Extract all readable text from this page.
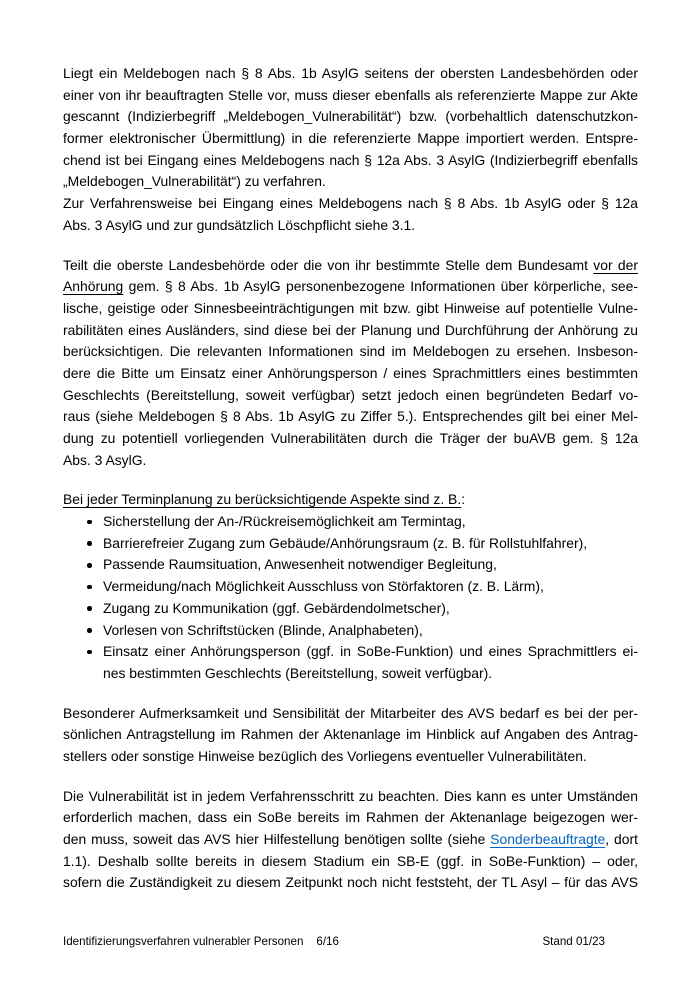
Liegt ein Meldebogen nach § 8 Abs. 1b AsylG seitens der obersten Landesbehörden oder
einer von ihr beauftragten Stelle vor, muss dieser ebenfalls als referenzierte Mappe zur Akte
gescannt (Indizierbegriff „Meldebogen_Vulnerabilität“) bzw. (vorbehaltlich datenschutzkon-
former elektronischer Übermittlung) in die referenzierte Mappe importiert werden. Entspre-
chend ist bei Eingang eines Meldebogens nach § 12a Abs. 3 AsylG (Indizierbegriff ebenfalls
„Meldebogen_Vulnerabilität“) zu verfahren.
Zur Verfahrensweise bei Eingang eines Meldebogens nach § 8 Abs. 1b AsylG oder § 12a
Abs. 3 AsylG und zur gundsätzlich Löschpflicht siehe 3.1.
Teilt die oberste Landesbehörde oder die von ihr bestimmte Stelle dem Bundesamt vor der
Anhörung gem. § 8 Abs. 1b AsylG personenbezogene Informationen über körperliche, see-
lische, geistige oder Sinnesbeeinträchtigungen mit bzw. gibt Hinweise auf potentielle Vulne-
rabilitäten eines Ausländers, sind diese bei der Planung und Durchführung der Anhörung zu
berücksichtigen. Die relevanten Informationen sind im Meldebogen zu ersehen. Insbeson-
dere die Bitte um Einsatz einer Anhörungsperson / eines Sprachmittlers eines bestimmten
Geschlechts (Bereitstellung, soweit verfügbar) setzt jedoch einen begründeten Bedarf vo-
raus (siehe Meldebogen § 8 Abs. 1b AsylG zu Ziffer 5.). Entsprechendes gilt bei einer Mel-
dung zu potentiell vorliegenden Vulnerabilitäten durch die Träger der buAVB gem. § 12a
Abs. 3 AsylG.
Bei jeder Terminplanung zu berücksichtigende Aspekte sind z. B.:
Sicherstellung der An-/Rückreisemöglichkeit am Termintag,
Barrierefreier Zugang zum Gebäude/Anhörungsraum (z. B. für Rollstuhlfahrer),
Passende Raumsituation, Anwesenheit notwendiger Begleitung,
Vermeidung/nach Möglichkeit Ausschluss von Störfaktoren (z. B. Lärm),
Zugang zu Kommunikation (ggf. Gebärdendolmetscher),
Vorlesen von Schriftstücken (Blinde, Analphabeten),
Einsatz einer Anhörungsperson (ggf. in SoBe-Funktion) und eines Sprachmittlers ei-
nes bestimmten Geschlechts (Bereitstellung, soweit verfügbar).
Besonderer Aufmerksamkeit und Sensibilität der Mitarbeiter des AVS bedarf es bei der per-
sönlichen Antragstellung im Rahmen der Aktenanlage im Hinblick auf Angaben des Antrag-
stellers oder sonstige Hinweise bezüglich des Vorliegens eventueller Vulnerabilitäten.
Die Vulnerabilität ist in jedem Verfahrensschritt zu beachten. Dies kann es unter Umständen
erforderlich machen, dass ein SoBe bereits im Rahmen der Aktenanlage beigezogen wer-
den muss, soweit das AVS hier Hilfestellung benötigen sollte (siehe Sonderbeauftragte, dort
1.1). Deshalb sollte bereits in diesem Stadium ein SB-E (ggf. in SoBe-Funktion) – oder,
sofern die Zuständigkeit zu diesem Zeitpunkt noch nicht feststeht, der TL Asyl – für das AVS
Identifizierungsverfahren vulnerabler Personen 6/16	Stand 01/23
